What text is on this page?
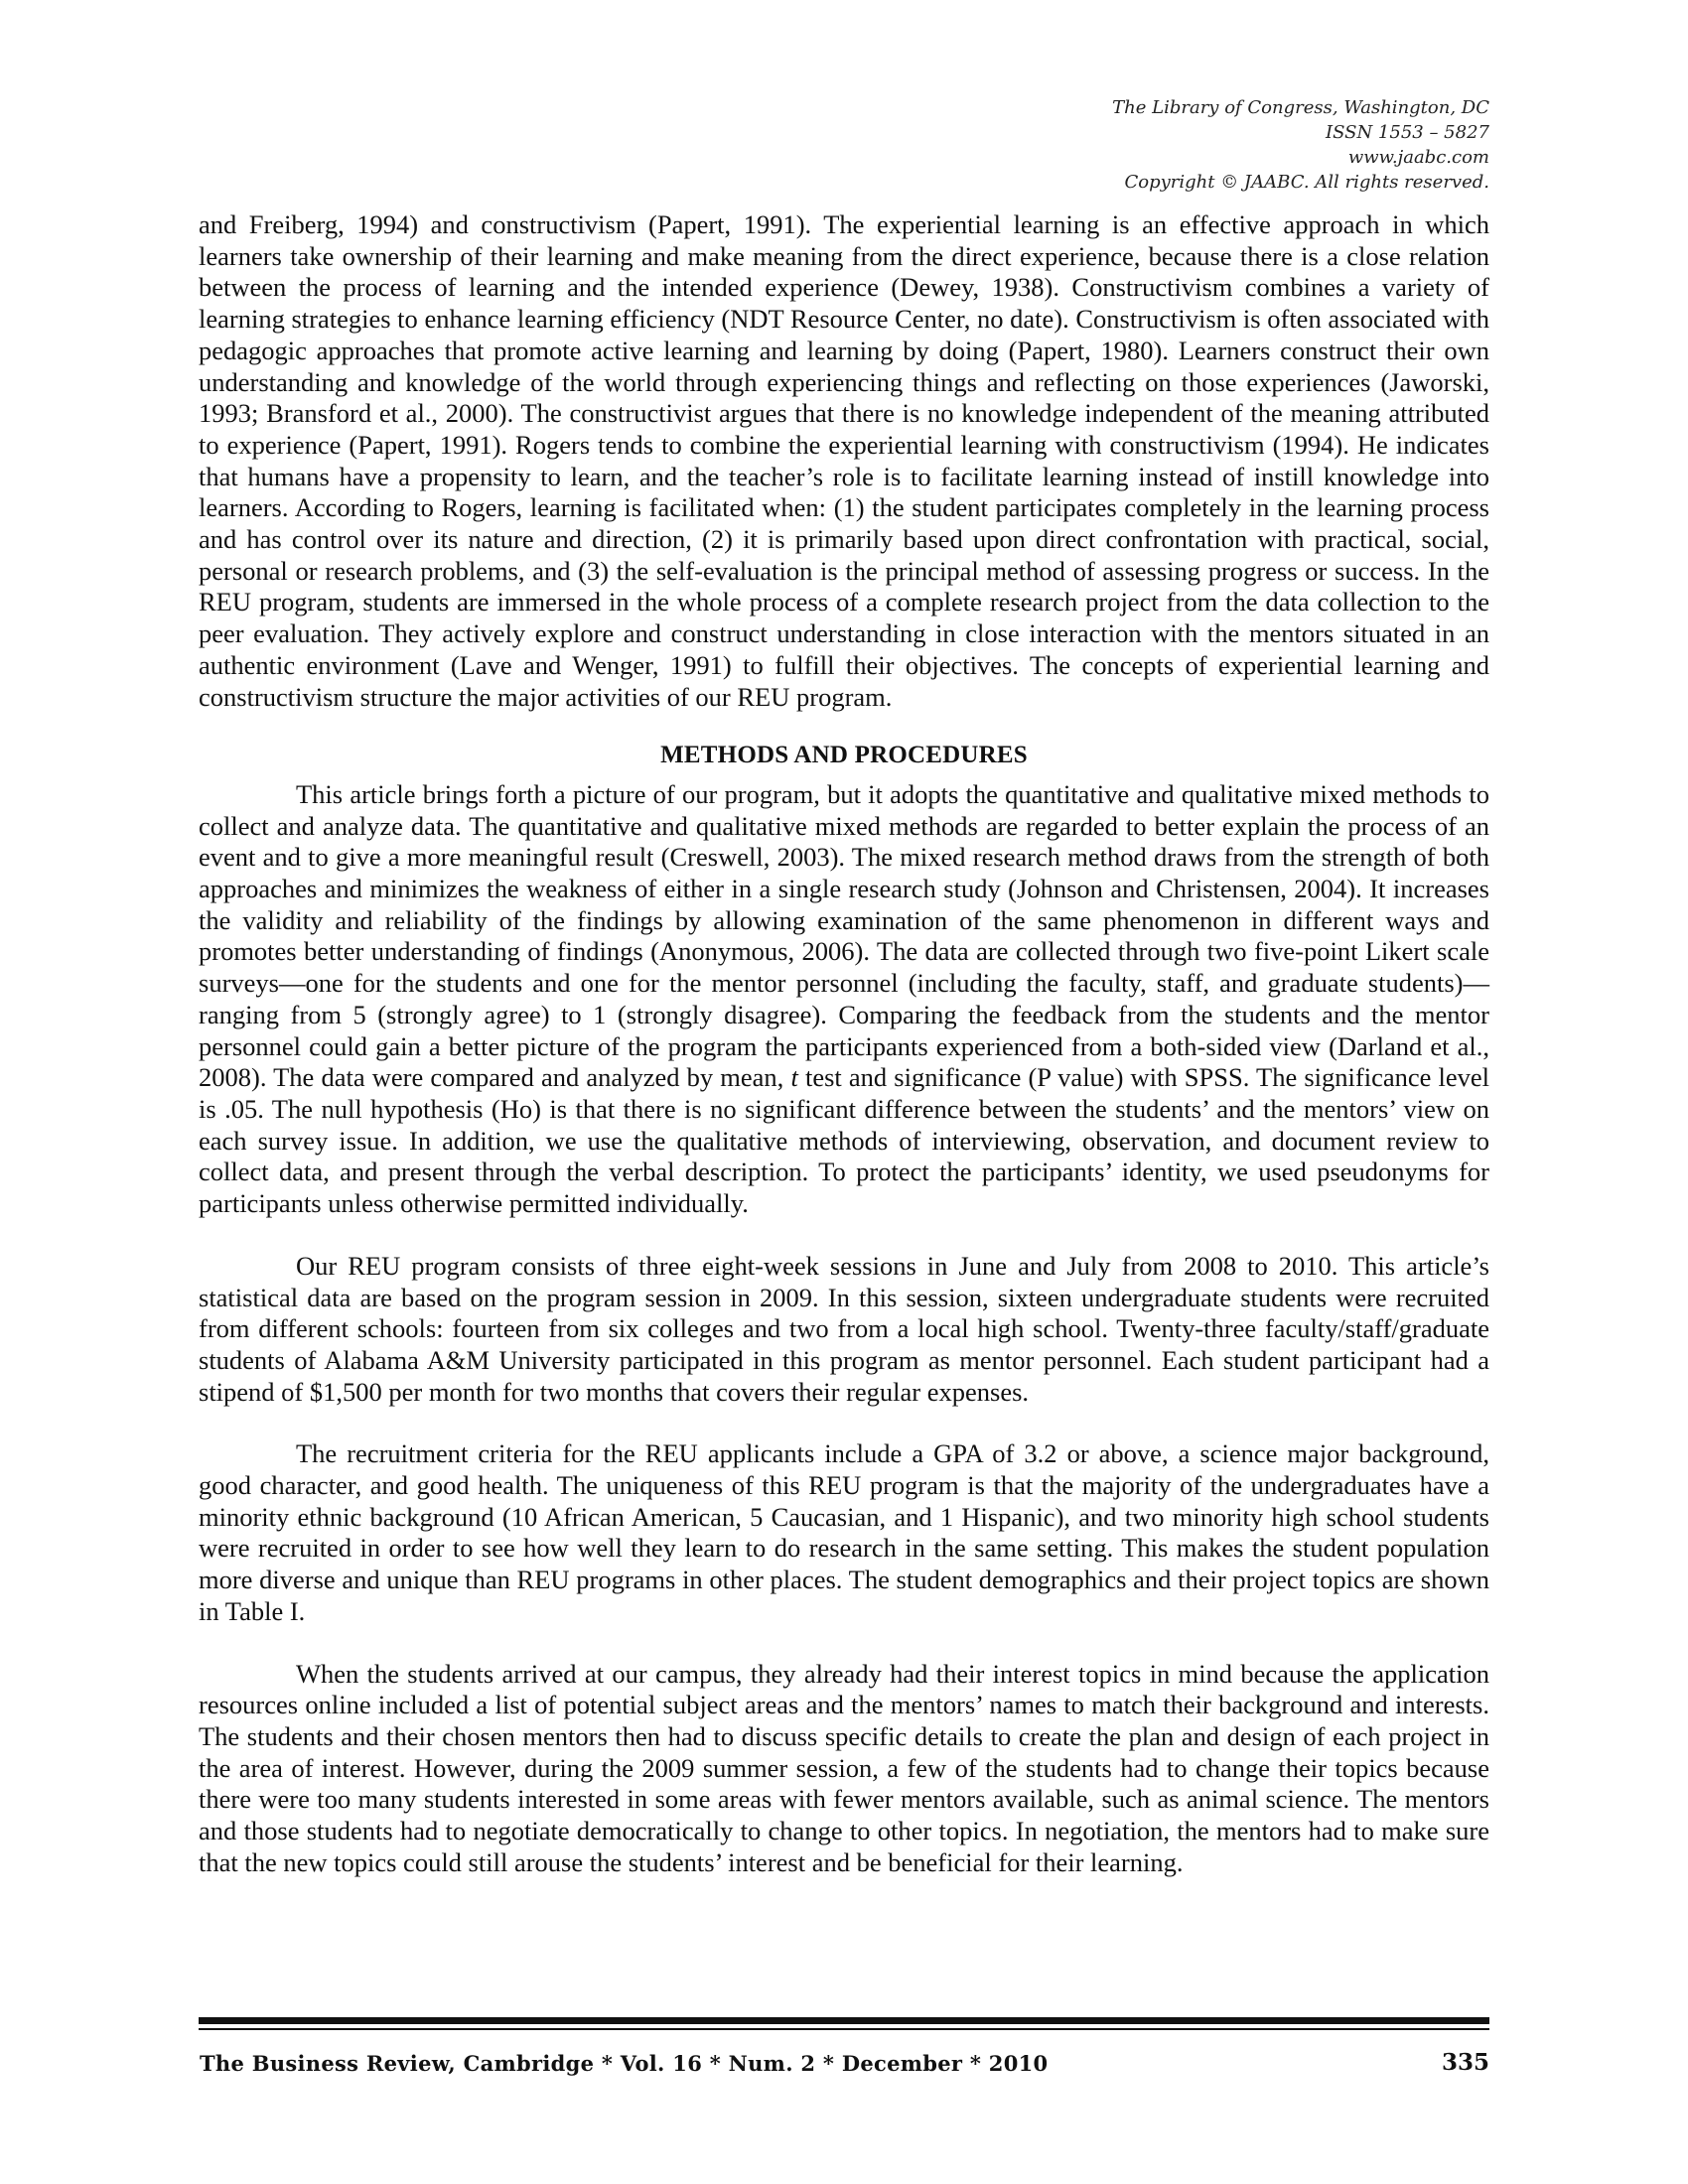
The Library of Congress, Washington, DC
ISSN 1553 – 5827
www.jaabc.com
Copyright © JAABC. All rights reserved.

and Freiberg, 1994) and constructivism (Papert, 1991). The experiential learning is an effective approach in which learners take ownership of their learning and make meaning from the direct experience, because there is a close relation between the process of learning and the intended experience (Dewey, 1938). Constructivism combines a variety of learning strategies to enhance learning efficiency (NDT Resource Center, no date). Constructivism is often associated with pedagogic approaches that promote active learning and learning by doing (Papert, 1980). Learners construct their own understanding and knowledge of the world through experiencing things and reflecting on those experiences (Jaworski, 1993; Bransford et al., 2000). The constructivist argues that there is no knowledge independent of the meaning attributed to experience (Papert, 1991). Rogers tends to combine the experiential learning with constructivism (1994). He indicates that humans have a propensity to learn, and the teacher’s role is to facilitate learning instead of instill knowledge into learners. According to Rogers, learning is facilitated when: (1) the student participates completely in the learning process and has control over its nature and direction, (2) it is primarily based upon direct confrontation with practical, social, personal or research problems, and (3) the self-evaluation is the principal method of assessing progress or success. In the REU program, students are immersed in the whole process of a complete research project from the data collection to the peer evaluation. They actively explore and construct understanding in close interaction with the mentors situated in an authentic environment (Lave and Wenger, 1991) to fulfill their objectives. The concepts of experiential learning and constructivism structure the major activities of our REU program.

METHODS AND PROCEDURES

This article brings forth a picture of our program, but it adopts the quantitative and qualitative mixed methods to collect and analyze data. The quantitative and qualitative mixed methods are regarded to better explain the process of an event and to give a more meaningful result (Creswell, 2003). The mixed research method draws from the strength of both approaches and minimizes the weakness of either in a single research study (Johnson and Christensen, 2004). It increases the validity and reliability of the findings by allowing examination of the same phenomenon in different ways and promotes better understanding of findings (Anonymous, 2006). The data are collected through two five-point Likert scale surveys—one for the students and one for the mentor personnel (including the faculty, staff, and graduate students)—ranging from 5 (strongly agree) to 1 (strongly disagree). Comparing the feedback from the students and the mentor personnel could gain a better picture of the program the participants experienced from a both-sided view (Darland et al., 2008). The data were compared and analyzed by mean, t test and significance (P value) with SPSS. The significance level is .05. The null hypothesis (Ho) is that there is no significant difference between the students’ and the mentors’ view on each survey issue. In addition, we use the qualitative methods of interviewing, observation, and document review to collect data, and present through the verbal description. To protect the participants’ identity, we used pseudonyms for participants unless otherwise permitted individually.

Our REU program consists of three eight-week sessions in June and July from 2008 to 2010. This article’s statistical data are based on the program session in 2009. In this session, sixteen undergraduate students were recruited from different schools: fourteen from six colleges and two from a local high school. Twenty-three faculty/staff/graduate students of Alabama A&M University participated in this program as mentor personnel. Each student participant had a stipend of $1,500 per month for two months that covers their regular expenses.

The recruitment criteria for the REU applicants include a GPA of 3.2 or above, a science major background, good character, and good health. The uniqueness of this REU program is that the majority of the undergraduates have a minority ethnic background (10 African American, 5 Caucasian, and 1 Hispanic), and two minority high school students were recruited in order to see how well they learn to do research in the same setting. This makes the student population more diverse and unique than REU programs in other places. The student demographics and their project topics are shown in Table I.

When the students arrived at our campus, they already had their interest topics in mind because the application resources online included a list of potential subject areas and the mentors’ names to match their background and interests. The students and their chosen mentors then had to discuss specific details to create the plan and design of each project in the area of interest. However, during the 2009 summer session, a few of the students had to change their topics because there were too many students interested in some areas with fewer mentors available, such as animal science. The mentors and those students had to negotiate democratically to change to other topics. In negotiation, the mentors had to make sure that the new topics could still arouse the students’ interest and be beneficial for their learning.

The Business Review, Cambridge * Vol. 16 * Num. 2 * December * 2010	335
